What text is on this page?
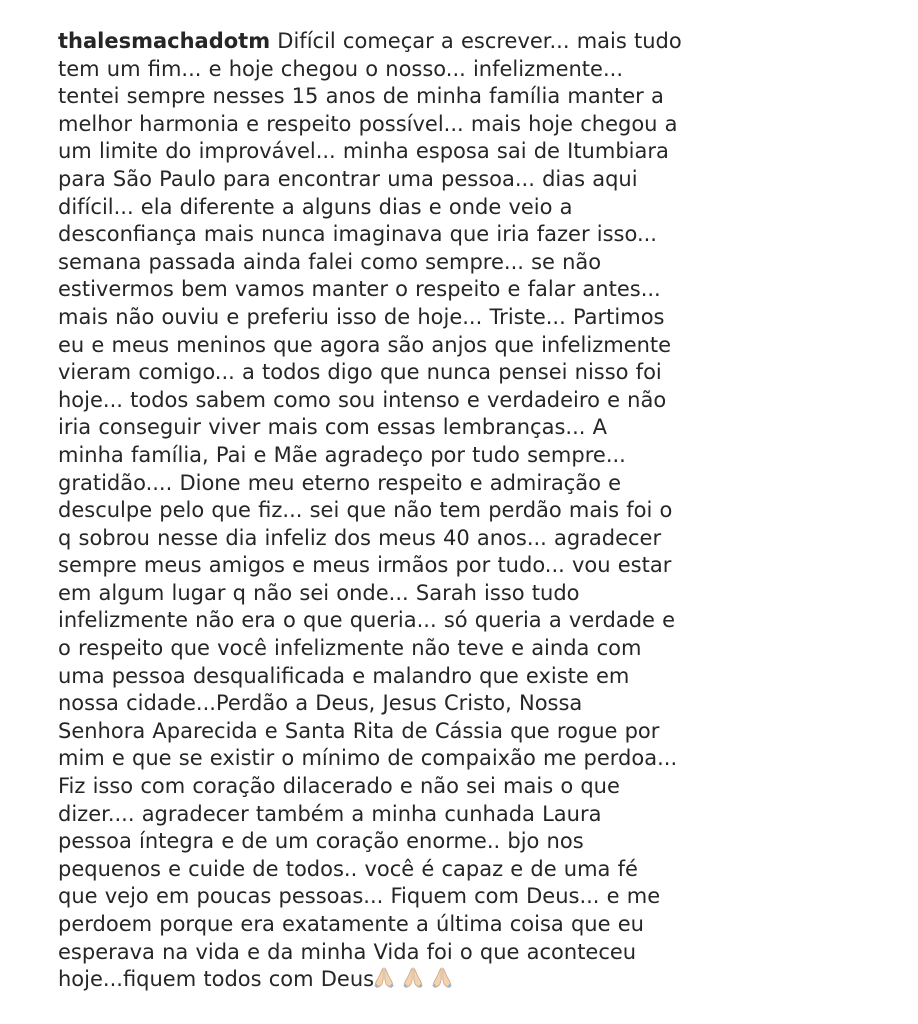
thalesmachadotm Difícil começar a escrever... mais tudo
tem um fim... e hoje chegou o nosso... infelizmente...
tentei sempre nesses 15 anos de minha família manter a
melhor harmonia e respeito possível... mais hoje chegou a
um limite do improvável... minha esposa sai de Itumbiara
para São Paulo para encontrar uma pessoa... dias aqui
difícil... ela diferente a alguns dias e onde veio a
desconfiança mais nunca imaginava que iria fazer isso...
semana passada ainda falei como sempre... se não
estivermos bem vamos manter o respeito e falar antes...
mais não ouviu e preferiu isso de hoje... Triste... Partimos
eu e meus meninos que agora são anjos que infelizmente
vieram comigo... a todos digo que nunca pensei nisso foi
hoje... todos sabem como sou intenso e verdadeiro e não
iria conseguir viver mais com essas lembranças... A
minha família, Pai e Mãe agradeço por tudo sempre...
gratidão.... Dione meu eterno respeito e admiração e
desculpe pelo que fiz... sei que não tem perdão mais foi o
q sobrou nesse dia infeliz dos meus 40 anos... agradecer
sempre meus amigos e meus irmãos por tudo... vou estar
em algum lugar q não sei onde... Sarah isso tudo
infelizmente não era o que queria... só queria a verdade e
o respeito que você infelizmente não teve e ainda com
uma pessoa desqualificada e malandro que existe em
nossa cidade...Perdão a Deus, Jesus Cristo, Nossa
Senhora Aparecida e Santa Rita de Cássia que rogue por
mim e que se existir o mínimo de compaixão me perdoa...
Fiz isso com coração dilacerado e não sei mais o que
dizer.... agradecer também a minha cunhada Laura
pessoa íntegra e de um coração enorme.. bjo nos
pequenos e cuide de todos.. você é capaz e de uma fé
que vejo em poucas pessoas... Fiquem com Deus... e me
perdoem porque era exatamente a última coisa que eu
esperava na vida e da minha Vida foi o que aconteceu
hoje...fiquem todos com Deus
